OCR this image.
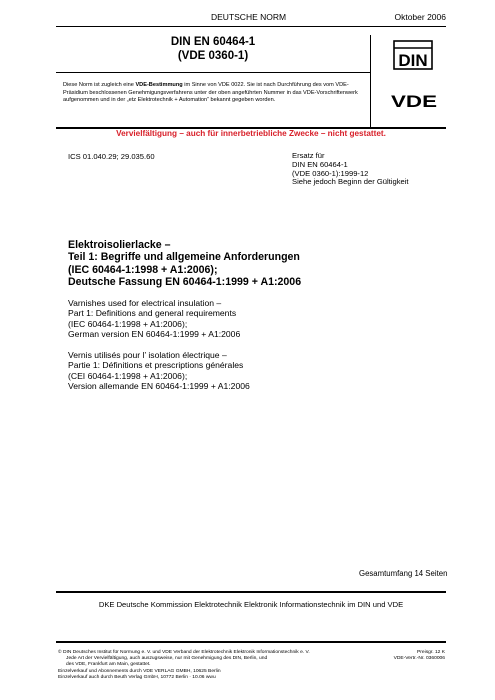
DEUTSCHE NORM	Oktober 2006
DIN EN 60464-1
(VDE 0360-1)
Diese Norm ist zugleich eine VDE-Bestimmung im Sinne von VDE 0022. Sie ist nach Durchführung des vom VDE-Präsidium beschlossenen Genehmigungsverfahrens unter der oben angeführten Nummer in das VDE-Vorschriftenwerk aufgenommen und in der „etz Elektrotechnik + Automation“ bekannt gegeben worden.
DIN
VDE
Vervielfältigung – auch für innerbetriebliche Zwecke – nicht gestattet.
ICS 01.040.29; 29.035.60	Ersatz für
DIN EN 60464-1
(VDE 0360-1):1999-12
Siehe jedoch Beginn der Gültigkeit
Elektroisolierlacke –
Teil 1: Begriffe und allgemeine Anforderungen
(IEC 60464-1:1998 + A1:2006);
Deutsche Fassung EN 60464-1:1999 + A1:2006
Varnishes used for electrical insulation –
Part 1: Definitions and general requirements
(IEC 60464-1:1998 + A1:2006);
German version EN 60464-1:1999 + A1:2006
Vernis utilisés pour l’ isolation électrique –
Partie 1: Définitions et prescriptions générales
(CEI 60464-1:1998 + A1:2006);
Version allemande EN 60464-1:1999 + A1:2006
Gesamtumfang 14 Seiten
DKE Deutsche Kommission Elektrotechnik Elektronik Informationstechnik im DIN und VDE
© DIN Deutsches Institut für Normung e. V. und VDE Verband der Elektrotechnik Elektronik Informationstechnik e. V.
Jede Art der Vervielfältigung, auch auszugsweise, nur mit Genehmigung des DIN, Berlin, und
des VDE, Frankfurt am Main, gestattet.
Einzelverkauf und Abonnements durch VDE VERLAG GMBH, 10625 Berlin
Einzelverkauf auch durch Beuth Verlag GmbH, 10772 Berlin · 10.06 wwu
Preisgr. 12 K
VDE-Vertr.-Nr. 0360006
